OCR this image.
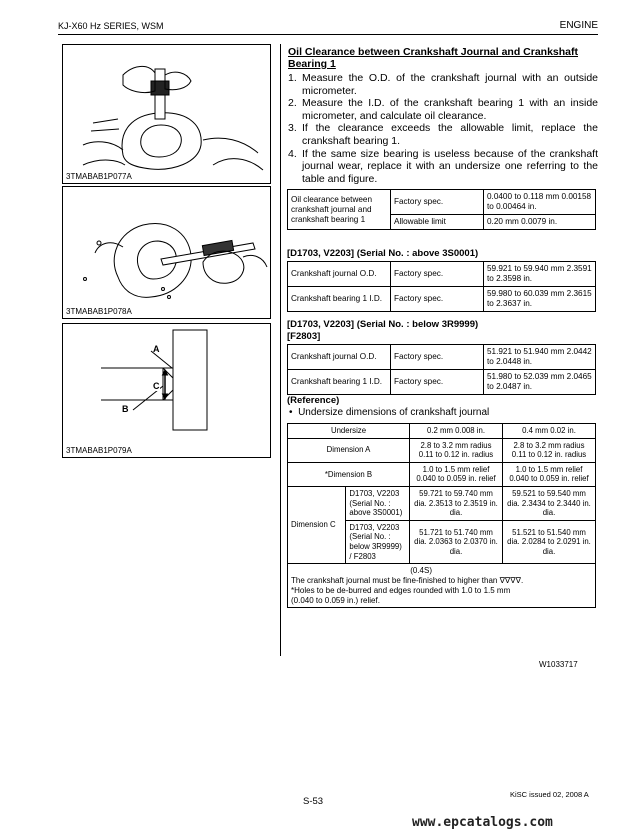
KJ-X60 Hz SERIES, WSM	ENGINE
3TMABAB1P077A
3TMABAB1P078A
A
B
C
3TMABAB1P079A
Oil Clearance between Crankshaft Journal and Crankshaft
Bearing 1
1. Measure the O.D. of the crankshaft journal with an outside micrometer.
2. Measure the I.D. of the crankshaft bearing 1 with an inside micrometer, and calculate oil clearance.
3. If the clearance exceeds the allowable limit, replace the crankshaft bearing 1.
4. If the same size bearing is useless because of the crankshaft journal wear, replace it with an undersize one referring to the table and figure.
Oil clearance between crankshaft journal and crankshaft bearing 1	Factory spec.	0.0400 to 0.118 mm 0.00158 to 0.00464 in.
	Allowable limit	0.20 mm 0.0079 in.
[D1703, V2203] (Serial No. : above 3S0001)
Crankshaft journal O.D.	Factory spec.	59.921 to 59.940 mm 2.3591 to 2.3598 in.
Crankshaft bearing 1 I.D.	Factory spec.	59.980 to 60.039 mm 2.3615 to 2.3637 in.
[D1703, V2203] (Serial No. : below 3R9999)
[F2803]
Crankshaft journal O.D.	Factory spec.	51.921 to 51.940 mm 2.0442 to 2.0448 in.
Crankshaft bearing 1 I.D.	Factory spec.	51.980 to 52.039 mm 2.0465 to 2.0487 in.
(Reference)
•  Undersize dimensions of crankshaft journal
Undersize		0.2 mm 0.008 in.	0.4 mm 0.02 in.
Dimension A		2.8 to 3.2 mm radius 0.11 to 0.12 in. radius	2.8 to 3.2 mm radius 0.11 to 0.12 in. radius
*Dimension B		1.0 to 1.5 mm relief 0.040 to 0.059 in. relief	1.0 to 1.5 mm relief 0.040 to 0.059 in. relief
Dimension C	D1703, V2203 (Serial No. : above 3S0001)	59.721 to 59.740 mm dia. 2.3513 to 2.3519 in. dia.	59.521 to 59.540 mm dia. 2.3434 to 2.3440 in. dia.
	D1703, V2203 (Serial No. : below 3R9999) / F2803	51.721 to 51.740 mm dia. 2.0363 to 2.0370 in. dia.	51.521 to 51.540 mm dia. 2.0284 to 2.0291 in. dia.

(0.4S)
The crankshaft journal must be fine-finished to higher than ∇∇∇∇.
*Holes to be de-burred and edges rounded with 1.0 to 1.5 mm (0.040 to 0.059 in.) relief.			
W1033717
S-53
KiSC issued 02, 2008 A
www.epcatalogs.com
